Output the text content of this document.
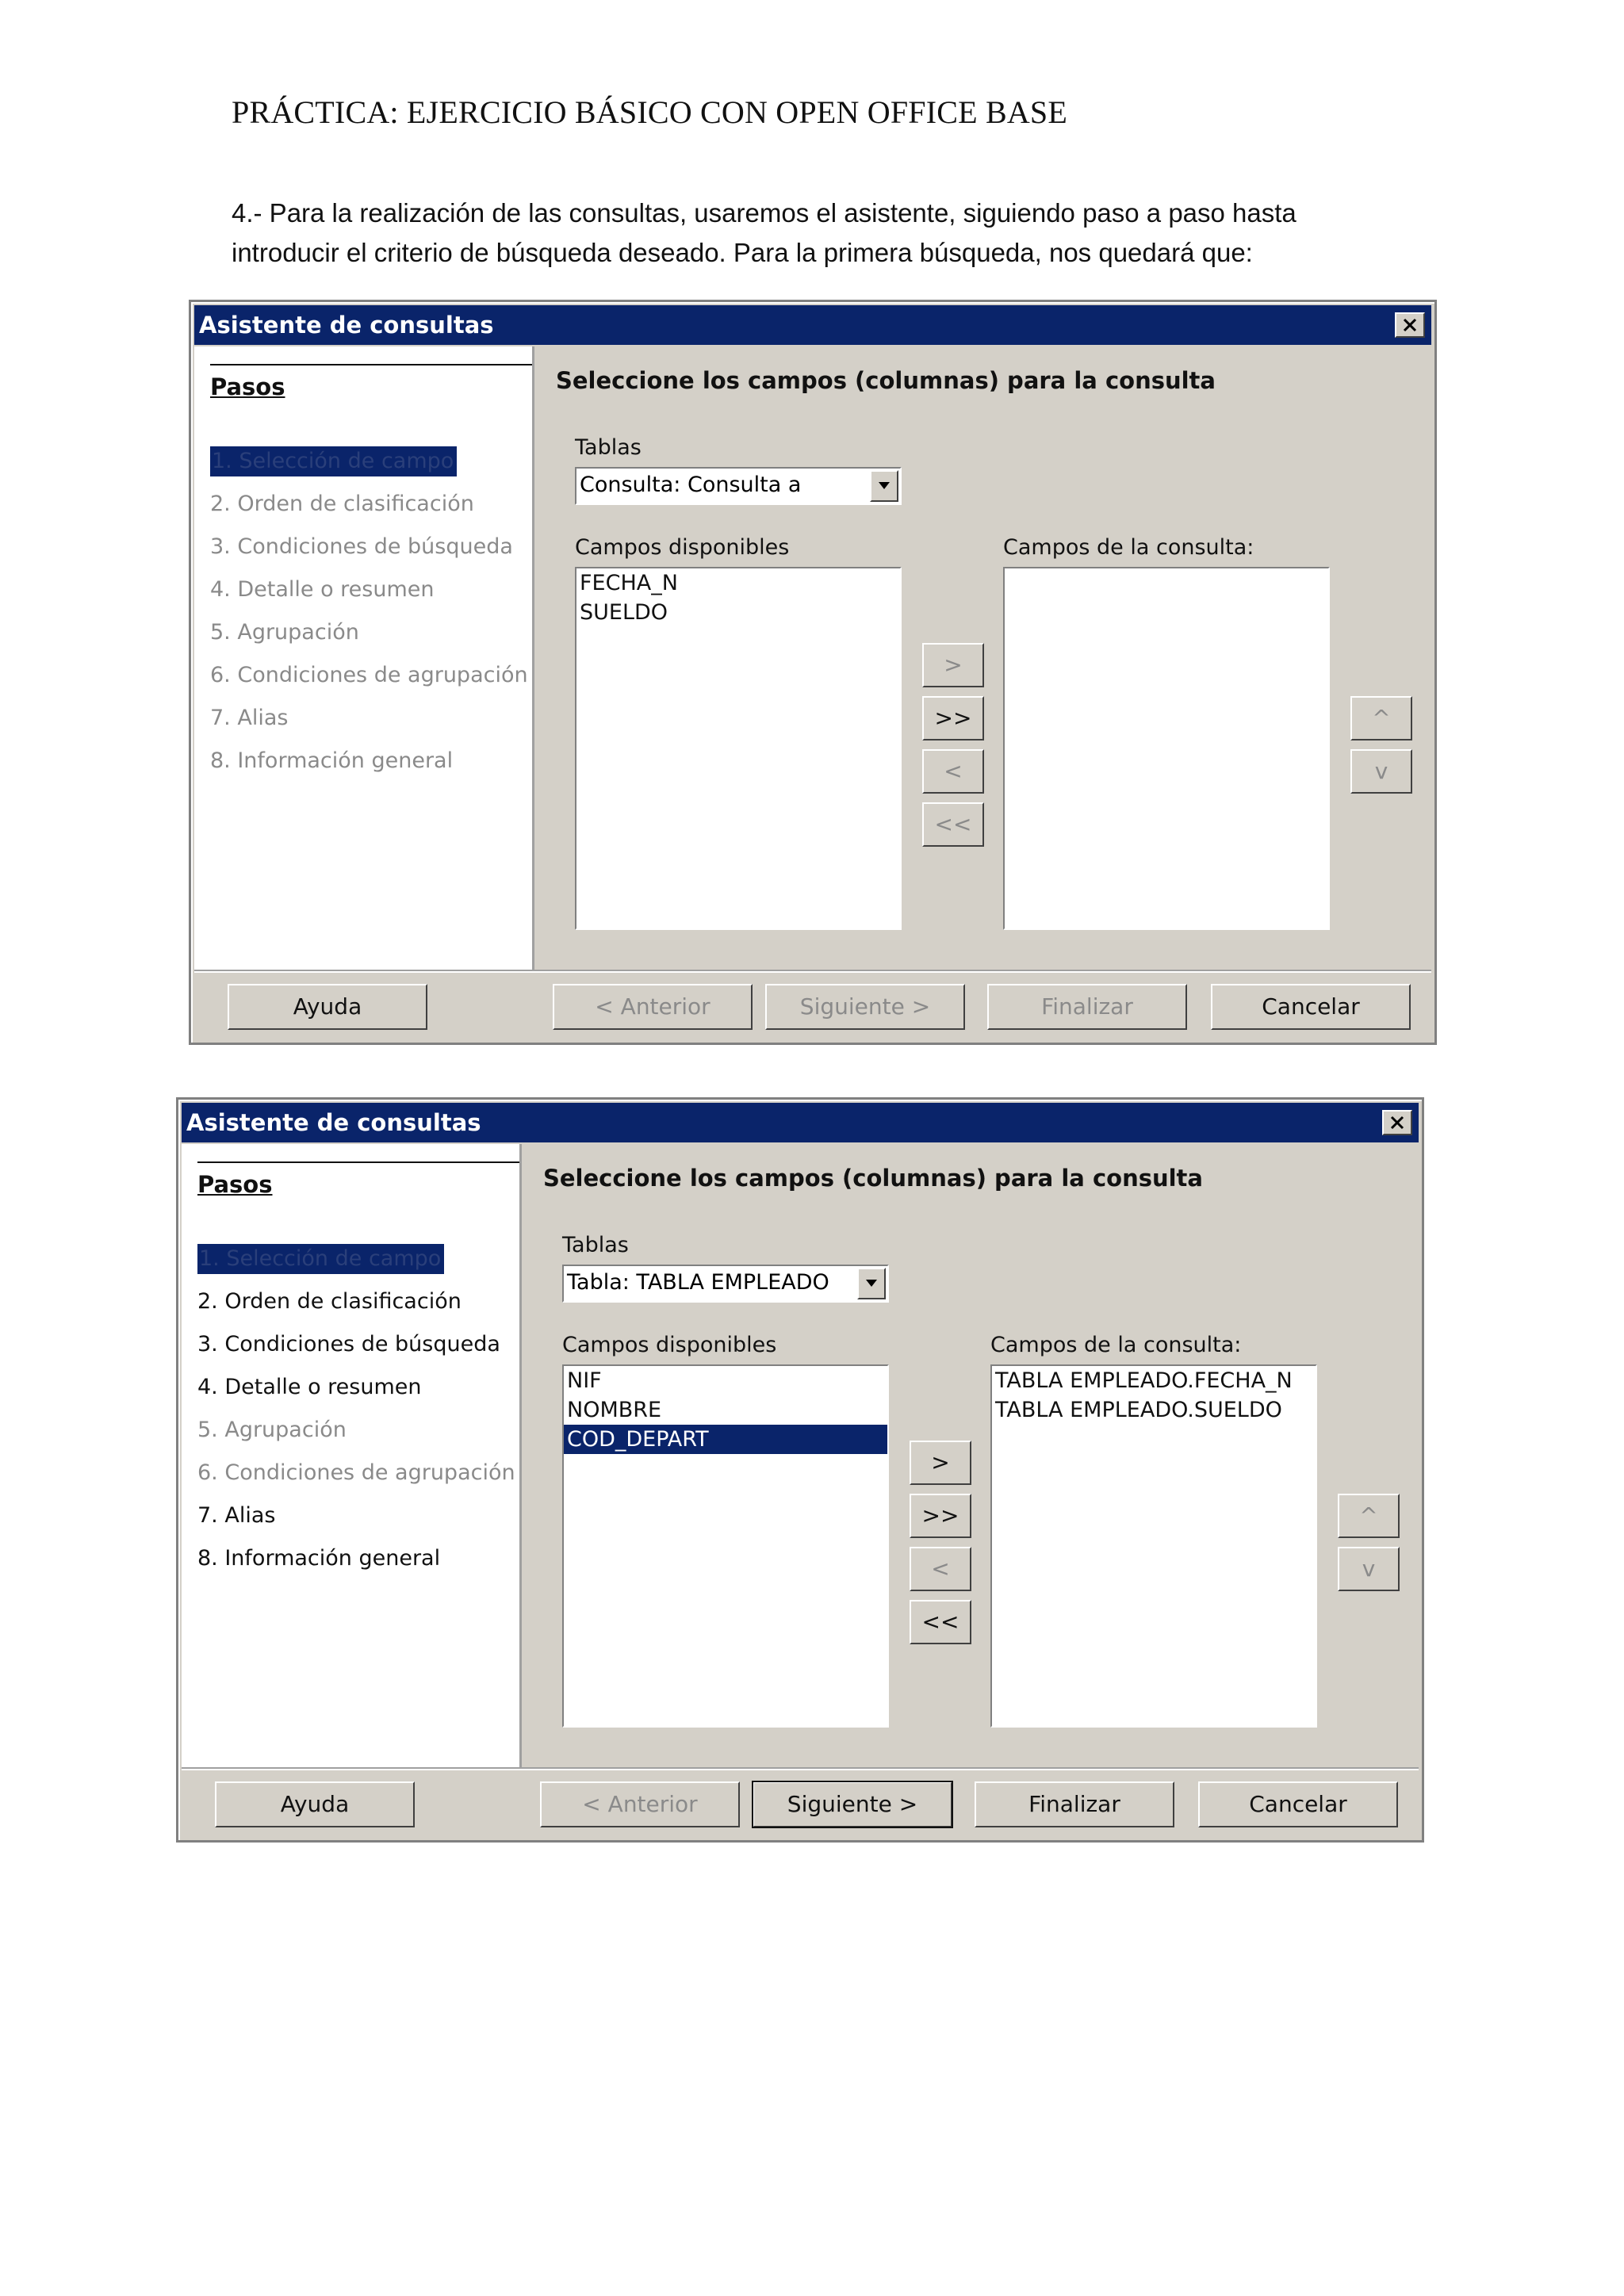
PRÁCTICA: EJERCICIO BÁSICO CON OPEN OFFICE BASE

4.- Para la realización de las consultas, usaremos el asistente, siguiendo paso a paso hasta

introducir el criterio de búsqueda deseado. Para la primera búsqueda, nos quedará que:

Asistente de consultas
Pasos
1. Selección de campo
2. Orden de clasificación
3. Condiciones de búsqueda
4. Detalle o resumen
5. Agrupación
6. Condiciones de agrupación
7. Alias
8. Información general
Seleccione los campos (columnas) para la consulta
Tablas
Consulta: Consulta a
Campos disponibles
FECHA_N
SUELDO
Campos de la consulta:
>
>>
<
<<
^
v
Ayuda	< Anterior	Siguiente >	Finalizar	Cancelar
Asistente de consultas
Pasos
1. Selección de campo
2. Orden de clasificación
3. Condiciones de búsqueda
4. Detalle o resumen
5. Agrupación
6. Condiciones de agrupación
7. Alias
8. Información general
Seleccione los campos (columnas) para la consulta
Tablas
Tabla: TABLA EMPLEADO
Campos disponibles
NIF
NOMBRE
COD_DEPART
Campos de la consulta:
TABLA EMPLEADO.FECHA_N
TABLA EMPLEADO.SUELDO
>
>>
<
<<
^
v
Ayuda	< Anterior	Siguiente >	Finalizar	Cancelar
